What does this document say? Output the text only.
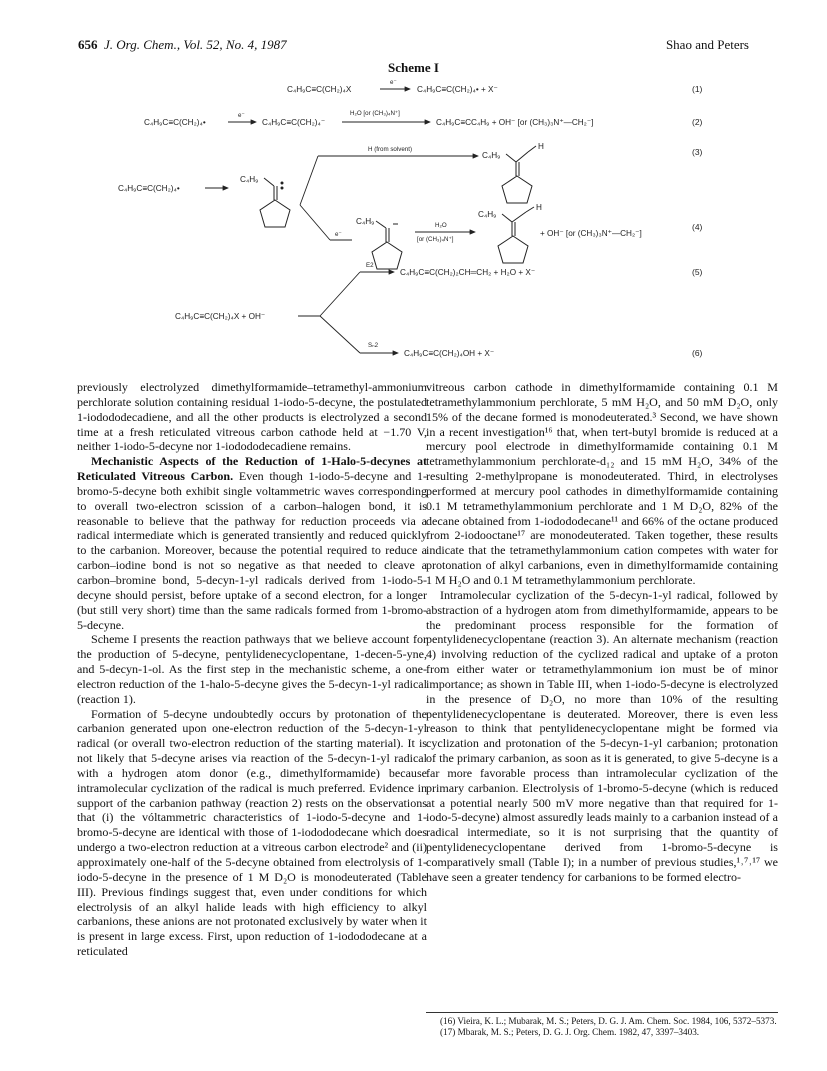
656 J. Org. Chem., Vol. 52, No. 4, 1987	Shao and Peters
Scheme I
C₄H₉C≡C(CH₂)₄X
e⁻
C₄H₉C≡C(CH₂)₄• + X⁻	(1)
C₄H₉C≡C(CH₂)₄•
e⁻
C₄H₉C≡C(CH₂)₄⁻
H₂O [or (CH₃)₄N⁺]
C₄H₉C≡CC₄H₉ + OH⁻ [or (CH₃)₃N⁺—CH₂⁻]	(2)
H (from solvent)
C₄H₉
H
(3)
C₄H₉C≡C(CH₂)₄•
C₄H₉
e⁻
C₄H₉	H₂O
[or (CH₃)₄N⁺]
C₄H₉
H
+ OH⁻ [or (CH₃)₃N⁺—CH₂⁻]
(4)
C₄H₉C≡C(CH₂)₄X + OH⁻
E2
C₄H₉C≡C(CH₂)₂CH═CH₂ + H₂O + X⁻	(5)
Sₙ2
C₄H₉C≡C(CH₂)₄OH + X⁻	(6)

previously electrolyzed dimethylformamide–tetramethyl-ammonium perchlorate solution containing residual 1-iodo-5-decyne, the postulated 1-iodododecadiene, and all the other products is electrolyzed a second time at a fresh reticulated vitreous carbon cathode held at −1.70 V, neither 1-iodo-5-decyne nor 1-iodododecadiene remains.

Mechanistic Aspects of the Reduction of 1-Halo-5-decynes at Reticulated Vitreous Carbon. Even though 1-iodo-5-decyne and 1-bromo-5-decyne both exhibit single voltammetric waves corresponding to overall two-electron scission of a carbon–halogen bond, it is reasonable to believe that the pathway for reduction proceeds via a radical intermediate which is generated transiently and reduced quickly to the carbanion. Moreover, because the potential required to reduce a carbon–iodine bond is not so negative as that needed to cleave a carbon–bromine bond, 5-decyn-1-yl radicals derived from 1-iodo-5-decyne should persist, before uptake of a second electron, for a longer (but still very short) time than the same radicals formed from 1-bromo-5-decyne.

Scheme I presents the reaction pathways that we believe account for the production of 5-decyne, pentylidenecyclopentane, 1-decen-5-yne, and 5-decyn-1-ol. As the first step in the mechanistic scheme, a one-electron reduction of the 1-halo-5-decyne gives the 5-decyn-1-yl radical (reaction 1).

Formation of 5-decyne undoubtedly occurs by protonation of the carbanion generated upon one-electron reduction of the 5-decyn-1-yl radical (or overall two-electron reduction of the starting material). It is not likely that 5-decyne arises via reaction of the 5-decyn-1-yl radical with a hydrogen atom donor (e.g., dimethylformamide) because intramolecular cyclization of the radical is much preferred. Evidence in support of the carbanion pathway (reaction 2) rests on the observations that (i) the vóltammetric characteristics of 1-iodo-5-decyne and 1-bromo-5-decyne are identical with those of 1-iodododecane which does undergo a two-electron reduction at a vitreous carbon electrode² and (ii) approximately one-half of the 5-decyne obtained from electrolysis of 1-iodo-5-decyne in the presence of 1 M D₂O is monodeuterated (Table III). Previous findings suggest that, even under conditions for which electrolysis of an alkyl halide leads with high efficiency to alkyl carbanions, these anions are not protonated exclusively by water when it is present in large excess. First, upon reduction of 1-iodododecane at a reticulated

vitreous carbon cathode in dimethylformamide containing 0.1 M tetramethylammonium perchlorate, 5 mM H₂O, and 50 mM D₂O, only 15% of the decane formed is monodeuterated.³ Second, we have shown in a recent investigation¹⁶ that, when tert-butyl bromide is reduced at a mercury pool electrode in dimethylformamide containing 0.1 M tetramethylammonium perchlorate-d₁₂ and 15 mM H₂O, 34% of the resulting 2-methylpropane is monodeuterated. Third, in electrolyses performed at mercury pool cathodes in dimethylformamide containing 0.1 M tetramethylammonium perchlorate and 1 M D₂O, 82% of the decane obtained from 1-iodododecane¹¹ and 66% of the octane produced from 2-iodooctane¹⁷ are monodeuterated. Taken together, these results indicate that the tetramethylammonium cation competes with water for protonation of alkyl carbanions, even in dimethylformamide containing 1 M H₂O and 0.1 M tetramethylammonium perchlorate.

Intramolecular cyclization of the 5-decyn-1-yl radical, followed by abstraction of a hydrogen atom from dimethylformamide, appears to be the predominant process responsible for the formation of pentylidenecyclopentane (reaction 3). An alternate mechanism (reaction 4) involving reduction of the cyclized radical and uptake of a proton from either water or tetramethylammonium ion must be of minor importance; as shown in Table III, when 1-iodo-5-decyne is electrolyzed in the presence of D₂O, no more than 10% of the resulting pentylidenecyclopentane is deuterated. Moreover, there is even less reason to think that pentylidenecyclopentane might be formed via cyclization and protonation of the 5-decyn-1-yl carbanion; protonation of the primary carbanion, as soon as it is generated, to give 5-decyne is a far more favorable process than intramolecular cyclization of the primary carbanion. Electrolysis of 1-bromo-5-decyne (which is reduced at a potential nearly 500 mV more negative than that required for 1-iodo-5-decyne) almost assuredly leads mainly to a carbanion instead of a radical intermediate, so it is not surprising that the quantity of pentylidenecyclopentane derived from 1-bromo-5-decyne is comparatively small (Table I); in a number of previous studies,¹˒⁷˒¹⁷ we have seen a greater tendency for carbanions to be formed electro-

(16) Vieira, K. L.; Mubarak, M. S.; Peters, D. G. J. Am. Chem. Soc. 1984, 106, 5372–5373.
(17) Mbarak, M. S.; Peters, D. G. J. Org. Chem. 1982, 47, 3397–3403.
